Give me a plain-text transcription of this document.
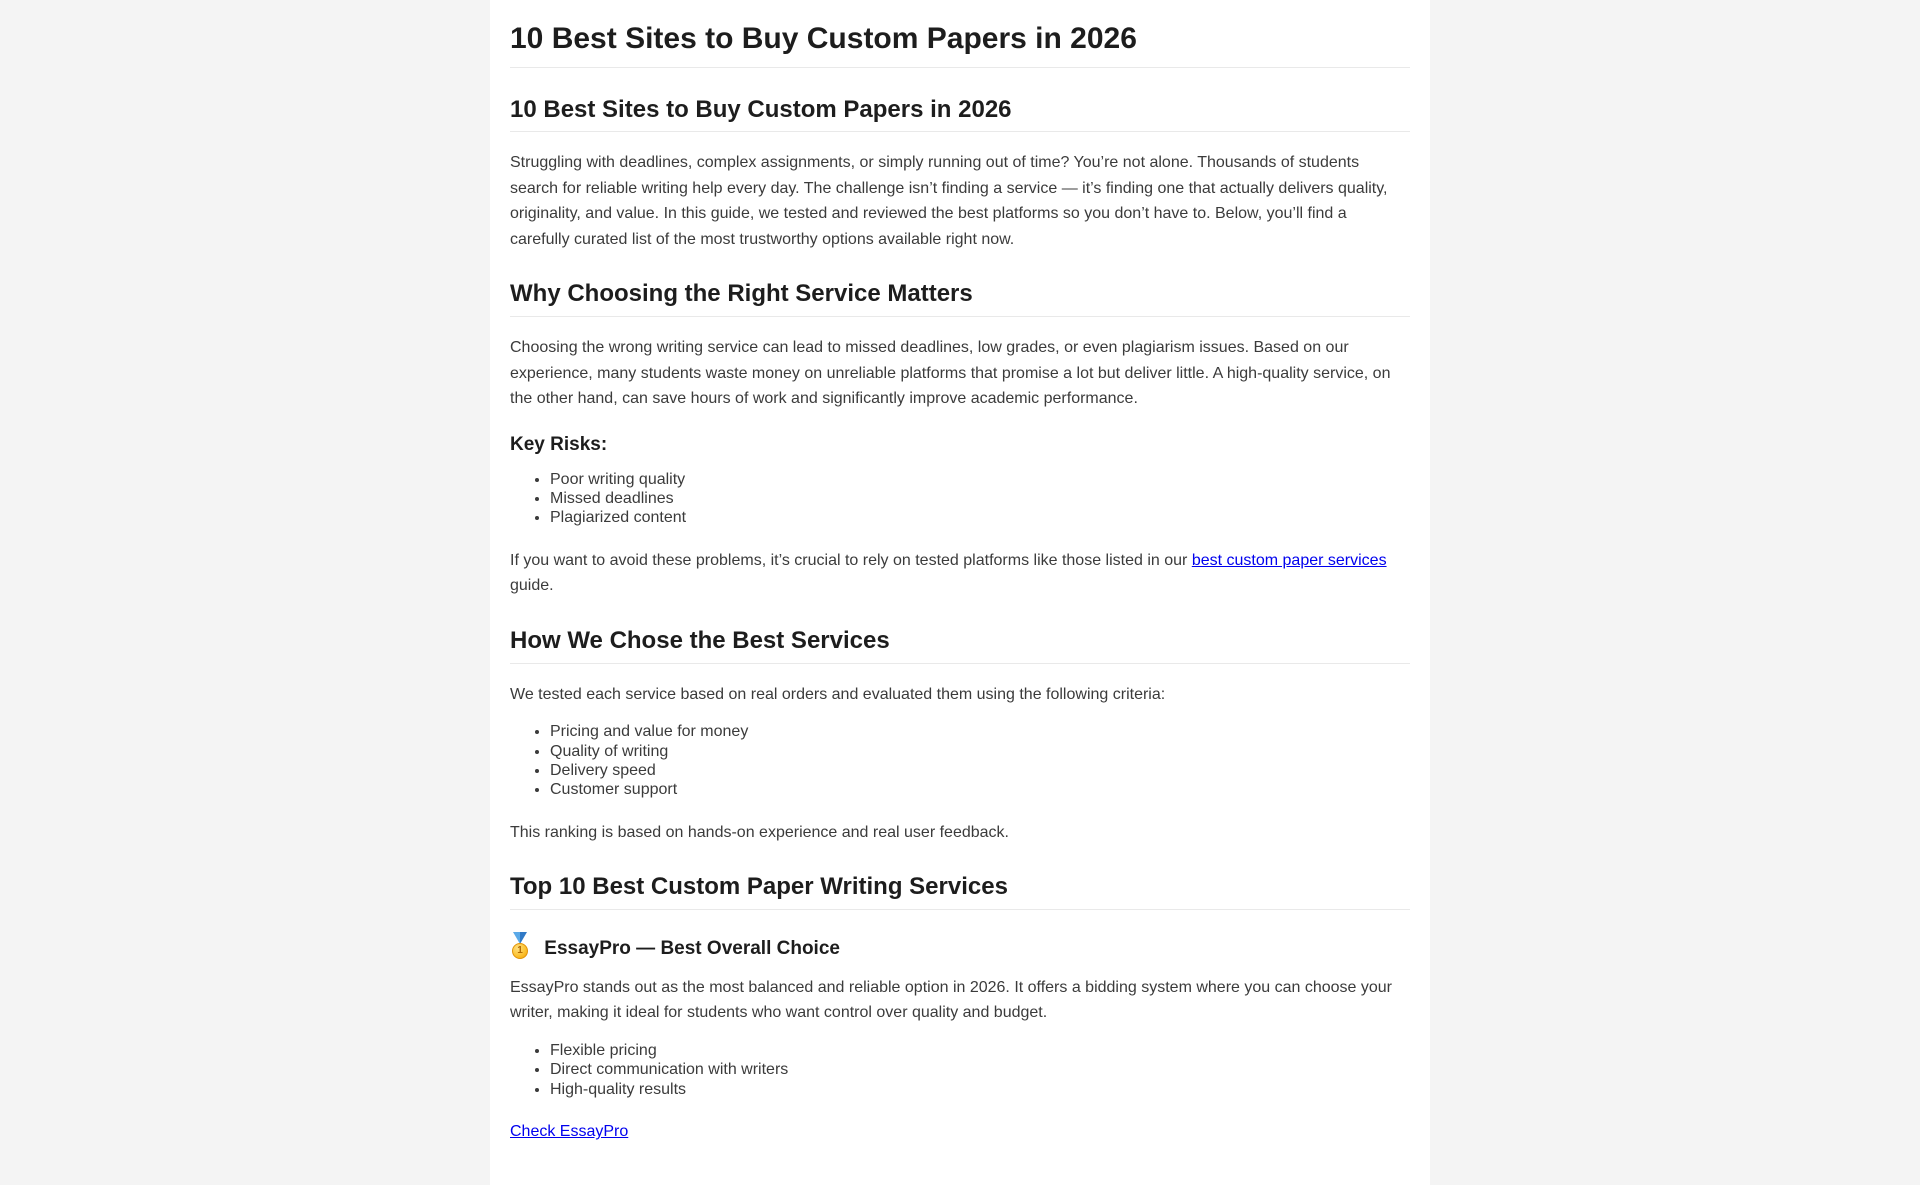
10 Best Sites to Buy Custom Papers in 2026
10 Best Sites to Buy Custom Papers in 2026

Struggling with deadlines, complex assignments, or simply running out of time? You’re not alone. Thousands of students search for reliable writing help every day. The challenge isn’t finding a service — it’s finding one that actually delivers quality, originality, and value. In this guide, we tested and reviewed the best platforms so you don’t have to. Below, you’ll find a carefully curated list of the most trustworthy options available right now.

Why Choosing the Right Service Matters

Choosing the wrong writing service can lead to missed deadlines, low grades, or even plagiarism issues. Based on our experience, many students waste money on unreliable platforms that promise a lot but deliver little. A high-quality service, on the other hand, can save hours of work and significantly improve academic performance.

Key Risks:
• Poor writing quality
• Missed deadlines
• Plagiarized content

If you want to avoid these problems, it’s crucial to rely on tested platforms like those listed in our best custom paper services guide.

How We Chose the Best Services

We tested each service based on real orders and evaluated them using the following criteria:

• Pricing and value for money
• Quality of writing
• Delivery speed
• Customer support

This ranking is based on hands-on experience and real user feedback.

Top 10 Best Custom Paper Writing Services
1 EssayPro — Best Overall Choice

EssayPro stands out as the most balanced and reliable option in 2026. It offers a bidding system where you can choose your writer, making it ideal for students who want control over quality and budget.

• Flexible pricing
• Direct communication with writers
• High-quality results

Check EssayPro
